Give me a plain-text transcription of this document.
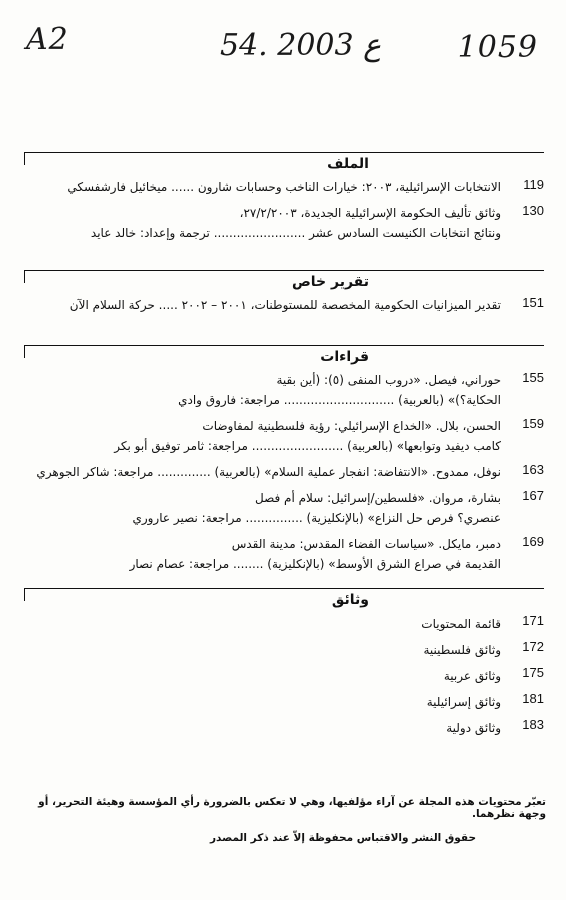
A2	54. ع 2003	1059
الملف
119
الانتخابات الإسرائيلية، ٢٠٠٣: خيارات الناخب وحسابات شارون ...... ميخائيل فارشفسكي
130
وثائق تأليف الحكومة الإسرائيلية الجديدة، ٢٧/٢/٢٠٠٣،
ونتائج انتخابات الكنيست السادس عشر ........................ ترجمة وإعداد: خالد عايد
تقرير خاص
151
تقدير الميزانيات الحكومية المخصصة للمستوطنات، ٢٠٠١ – ٢٠٠٢ ..... حركة السلام الآن
قراءات
155
حوراني، فيصل. «دروب المنفى (٥): (أين بقية
الحكاية؟)» (بالعربية) ............................. مراجعة: فاروق وادي
159
الحسن، بلال. «الخداع الإسرائيلي: رؤية فلسطينية لمفاوضات
كامب ديفيد وتوابعها» (بالعربية) ........................ مراجعة: ثامر توفيق أبو بكر
163
نوفل، ممدوح. «الانتفاضة: انفجار عملية السلام» (بالعربية) .............. مراجعة: شاكر الجوهري
167
بشارة، مروان. «فلسطين/إسرائيل: سلام أم فصل
عنصري؟ فرص حل النزاع» (بالإنكليزية) ............... مراجعة: نصير عاروري
169
دمبر، مايكل. «سياسات الفضاء المقدس: مدينة القدس
القديمة في صراع الشرق الأوسط» (بالإنكليزية) ........ مراجعة: عصام نصار
وثائق
171
قائمة المحتويات
172
وثائق فلسطينية
175
وثائق عربية
181
وثائق إسرائيلية
183
وثائق دولية
تعبّر محتويات هذه المجلة عن آراء مؤلفيها، وهي لا تعكس بالضرورة رأي المؤسسة وهيئة التحرير، أو وجهة نظرهما.
حقوق النشر والاقتباس محفوظة إلاّ عند ذكر المصدر
